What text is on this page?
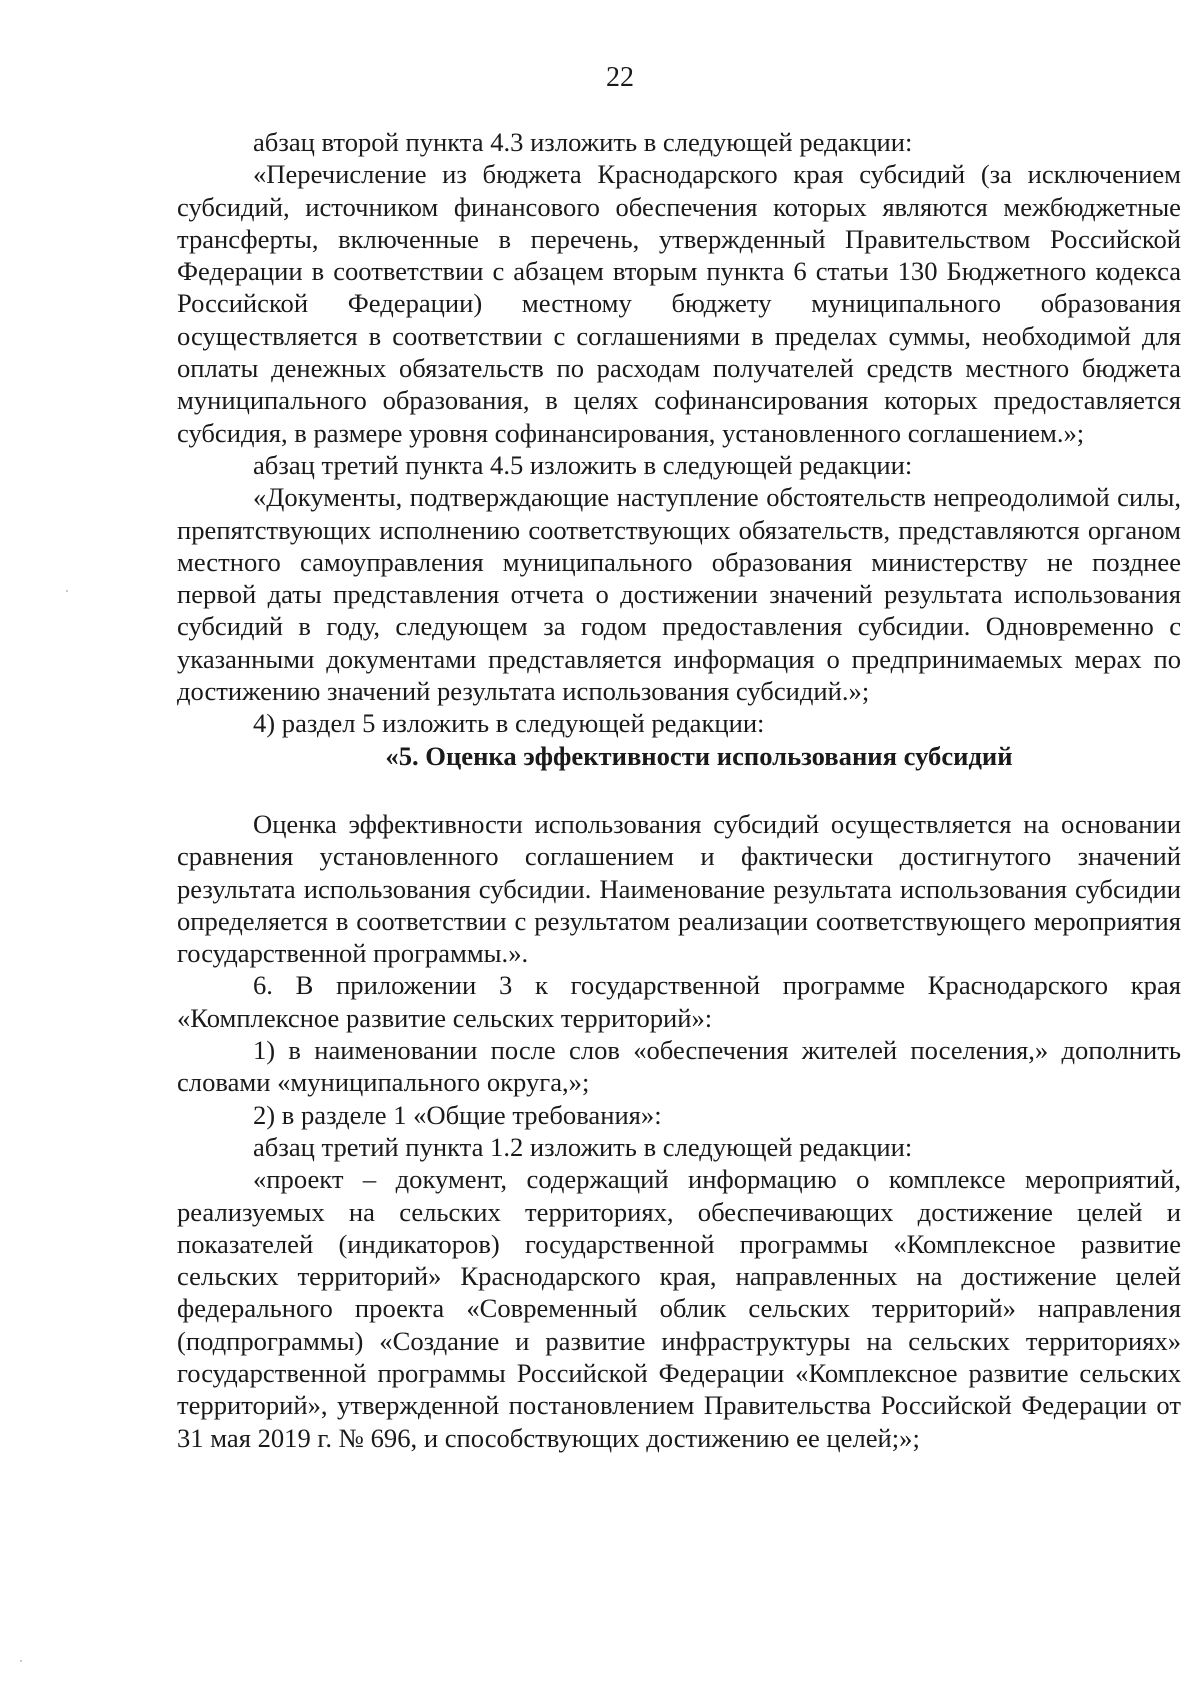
22

абзац второй пункта 4.3 изложить в следующей редакции:

«Перечисление из бюджета Краснодарского края субсидий (за исключением субсидий, источником финансового обеспечения которых являются межбюджетные трансферты, включенные в перечень, утвержденный Правительством Российской Федерации в соответствии с абзацем вторым пункта 6 статьи 130 Бюджетного кодекса Российской Федерации) местному бюджету муниципального образования осуществляется в соответствии с соглашениями в пределах суммы, необходимой для оплаты денежных обязательств по расходам получателей средств местного бюджета муниципального образования, в целях софинансирования которых предоставляется субсидия, в размере уровня софинансирования, установленного соглашением.»;

абзац третий пункта 4.5 изложить в следующей редакции:

«Документы, подтверждающие наступление обстоятельств непреодолимой силы, препятствующих исполнению соответствующих обязательств, представляются органом местного самоуправления муниципального образования министерству не позднее первой даты представления отчета о достижении значений результата использования субсидий в году, следующем за годом предоставления субсидии. Одновременно с указанными документами представляется информация о предпринимаемых мерах по достижению значений результата использования субсидий.»;

4) раздел 5 изложить в следующей редакции:

«5. Оценка эффективности использования субсидий

Оценка эффективности использования субсидий осуществляется на основании сравнения установленного соглашением и фактически достигнутого значений результата использования субсидии. Наименование результата использования субсидии определяется в соответствии с результатом реализации соответствующего мероприятия государственной программы.».

6. В приложении 3 к государственной программе Краснодарского края «Комплексное развитие сельских территорий»:

1) в наименовании после слов «обеспечения жителей поселения,» дополнить словами «муниципального округа,»;

2) в разделе 1 «Общие требования»:

абзац третий пункта 1.2 изложить в следующей редакции:

«проект – документ, содержащий информацию о комплексе мероприятий, реализуемых на сельских территориях, обеспечивающих достижение целей и показателей (индикаторов) государственной программы «Комплексное развитие сельских территорий» Краснодарского края, направленных на достижение целей федерального проекта «Современный облик сельских территорий» направления (подпрограммы) «Создание и развитие инфраструктуры на сельских территориях» государственной программы Российской Федерации «Комплексное развитие сельских территорий», утвержденной постановлением Правительства Российской Федерации от 31 мая 2019 г. № 696, и способствующих достижению ее целей;»;
